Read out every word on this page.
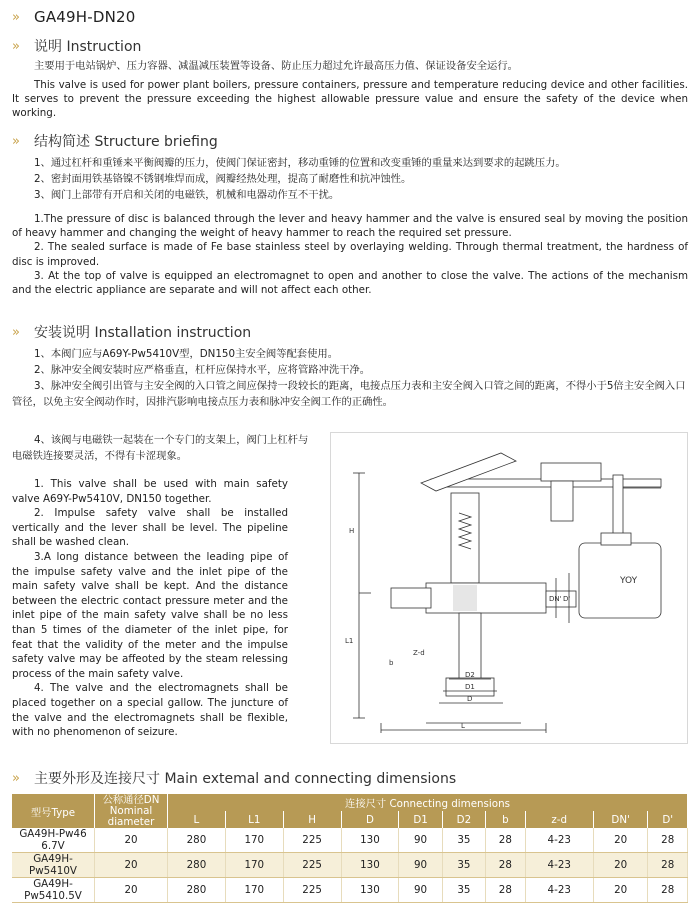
» GA49H-DN20
»	说明 Instruction

主要用于电站锅炉、压力容器、减温减压装置等设备、防止压力超过允许最高压力值、保证设备安全运行。

This valve is used for power plant boilers, pressure containers, pressure and temperature reducing device and other facilities. It serves to prevent the pressure exceeding the highest allowable pressure value and ensure the safety of the device when working.

»	结构简述 Structure briefing

1、通过杠杆和重锤来平衡阀瓣的压力，使阀门保证密封，移动重锤的位置和改变重锤的重量来达到要求的起跳压力。

2、密封面用铁基铬镍不锈钢堆焊而成，阀瓣经热处理，提高了耐磨性和抗冲蚀性。

3、阀门上部带有开启和关闭的电磁铁，机械和电器动作互不干扰。

1.The pressure of disc is balanced through the lever and heavy hammer and the valve is ensured seal by moving the position of heavy hammer and changing the weight of heavy hammer to reach the required set pressure.

2. The sealed surface is made of Fe base stainless steel by overlaying welding. Through thermal treatment, the hardness of disc is improved.

3. At the top of valve is equipped an electromagnet to open and another to close the valve. The actions of the mechanism and the electric appliance are separate and will not affect each other.

»	安装说明 Installation instruction

1、本阀门应与A69Y-Pw5410V型，DN150主安全阀等配套使用。

2、脉冲安全阀安装时应严格垂直，杠杆应保持水平，应将管路冲洗干净。

3、脉冲安全阀引出管与主安全阀的入口管之间应保持一段较长的距离，电接点压力表和主安全阀入口管之间的距离，不得小于5倍主安全阀入口管径，以免主安全阀动作时，因排汽影响电接点压力表和脉冲安全阀工作的正确性。

4、该阀与电磁铁一起装在一个专门的支架上，阀门上杠杆与电磁铁连接要灵活，不得有卡涩现象。

1. This valve shall be used with main safety valve A69Y-Pw5410V, DN150 together.

2. Impulse safety valve shall be installed vertically and the lever shall be level. The pipeline shall be washed clean.

3.A long distance between the leading pipe of the impulse safety valve and the inlet pipe of the main safety valve shall be kept. And the distance between the electric contact pressure meter and the inlet pipe of the main safety valve shall be no less than 5 times of the diameter of the inlet pipe, for feat that the validity of the meter and the impulse safety valve may be affeoted by the steam relessing process of the main safety valve.

4. The valve and the electromagnets shall be placed together on a special gallow. The juncture of the valve and the electromagnets shall be flexible, with no phenomenon of seizure.

YOY
H
L1
DN' D'
D2
D1
D
L
b
Z-d
»	主要外形及连接尺寸 Main extemal and connecting dimensions
型号Type	公称通径DN Nominal diameter	连接尺寸 Connecting dimensions									
		L	L1	H	D	D1	D2	b	z-d	DN'	D'
GA49H-Pw46 6.7V	20	280	170	225	130	90	35	28	4-23	20	28
GA49H-Pw5410V	20	280	170	225	130	90	35	28	4-23	20	28
GA49H-Pw5410.5V	20	280	170	225	130	90	35	28	4-23	20	28
